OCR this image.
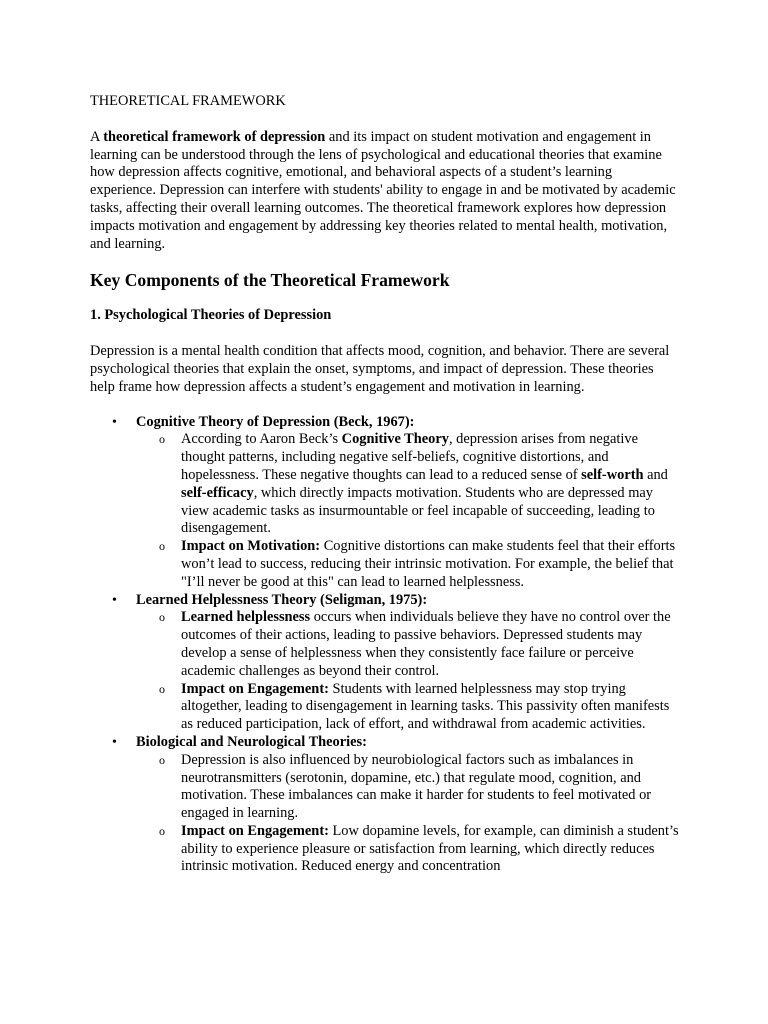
THEORETICAL FRAMEWORK

A theoretical framework of depression and its impact on student motivation and engagement in learning can be understood through the lens of psychological and educational theories that examine how depression affects cognitive, emotional, and behavioral aspects of a student’s learning experience. Depression can interfere with students' ability to engage in and be motivated by academic tasks, affecting their overall learning outcomes. The theoretical framework explores how depression impacts motivation and engagement by addressing key theories related to mental health, motivation, and learning.

Key Components of the Theoretical Framework
1. Psychological Theories of Depression

Depression is a mental health condition that affects mood, cognition, and behavior. There are several psychological theories that explain the onset, symptoms, and impact of depression. These theories help frame how depression affects a student’s engagement and motivation in learning.

• Cognitive Theory of Depression (Beck, 1967):
o According to Aaron Beck’s Cognitive Theory, depression arises from negative thought patterns, including negative self-beliefs, cognitive distortions, and hopelessness. These negative thoughts can lead to a reduced sense of self-worth and self-efficacy, which directly impacts motivation. Students who are depressed may view academic tasks as insurmountable or feel incapable of succeeding, leading to disengagement.
o Impact on Motivation: Cognitive distortions can make students feel that their efforts won’t lead to success, reducing their intrinsic motivation. For example, the belief that "I’ll never be good at this" can lead to learned helplessness.
• Learned Helplessness Theory (Seligman, 1975):
o Learned helplessness occurs when individuals believe they have no control over the outcomes of their actions, leading to passive behaviors. Depressed students may develop a sense of helplessness when they consistently face failure or perceive academic challenges as beyond their control.
o Impact on Engagement: Students with learned helplessness may stop trying altogether, leading to disengagement in learning tasks. This passivity often manifests as reduced participation, lack of effort, and withdrawal from academic activities.
• Biological and Neurological Theories:
o Depression is also influenced by neurobiological factors such as imbalances in neurotransmitters (serotonin, dopamine, etc.) that regulate mood, cognition, and motivation. These imbalances can make it harder for students to feel motivated or engaged in learning.
o Impact on Engagement: Low dopamine levels, for example, can diminish a student’s ability to experience pleasure or satisfaction from learning, which directly reduces intrinsic motivation. Reduced energy and concentration
